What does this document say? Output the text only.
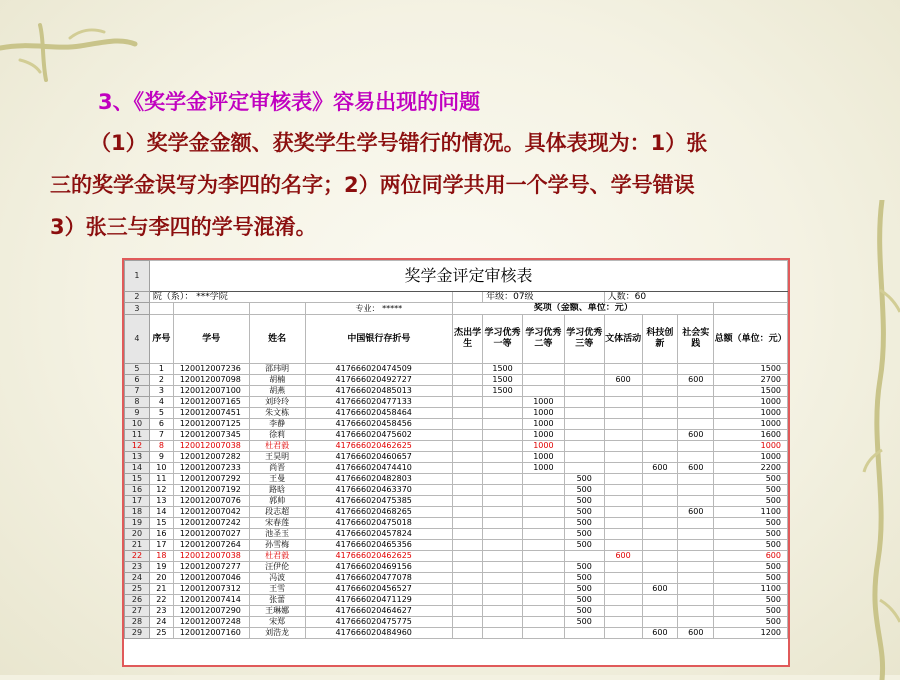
3、《奖学金评定审核表》容易出现的问题
（1）奖学金金额、获奖学生学号错行的情况。具体表现为：1）张
三的奖学金误写为李四的名字；2）两位同学共用一个学号、学号错误
3）张三与李四的学号混淆。
1	奖学金评定审核表											
2	院（系）： ***学院					年级：07级			人数：60			
3				专业： *****	奖项（金额、单位：元）							
4	序号	学号	姓名	中国银行存折号	杰出学生	学习优秀一等	学习优秀二等	学习优秀三等	文体活动	科技创新	社会实践	总额（单位：元）
5	1	120012007236	邵玮明	417666020474509		1500						1500
6	2	120012007098	胡楠	417666020492727		1500			600		600	2700
7	3	120012007100	胡燕	417666020485013		1500						1500
8	4	120012007165	刘玲玲	417666020477133			1000					1000
9	5	120012007451	朱文栋	417666020458464			1000					1000
10	6	120012007125	李静	417666020458456			1000					1000
11	7	120012007345	徐莉	417666020475602			1000				600	1600
12	8	120012007038	杜君毅	417666020462625			1000					1000
13	9	120012007282	王昊明	417666020460657			1000					1000
14	10	120012007233	尚晋	417666020474410			1000			600	600	2200
15	11	120012007292	王曼	417666020482803				500				500
16	12	120012007192	路晗	417666020463370				500				500
17	13	120012007076	郭帅	417666020475385				500				500
18	14	120012007042	段志超	417666020468265				500			600	1100
19	15	120012007242	宋春莲	417666020475018				500				500
20	16	120012007027	池圣玉	417666020457824				500				500
21	17	120012007264	孙雪梅	417666020465356				500				500
22	18	120012007038	杜君毅	417666020462625					600			600
23	19	120012007277	汪伊伦	417666020469156				500				500
24	20	120012007046	冯波	417666020477078				500				500
25	21	120012007312	王雪	417666020456527				500		600		1100
26	22	120012007414	张蕾	417666020471129				500				500
27	23	120012007290	王琳娜	417666020464627				500				500
28	24	120012007248	宋郑	417666020475775				500				500
29	25	120012007160	刘浩龙	417666020484960						600	600	1200
